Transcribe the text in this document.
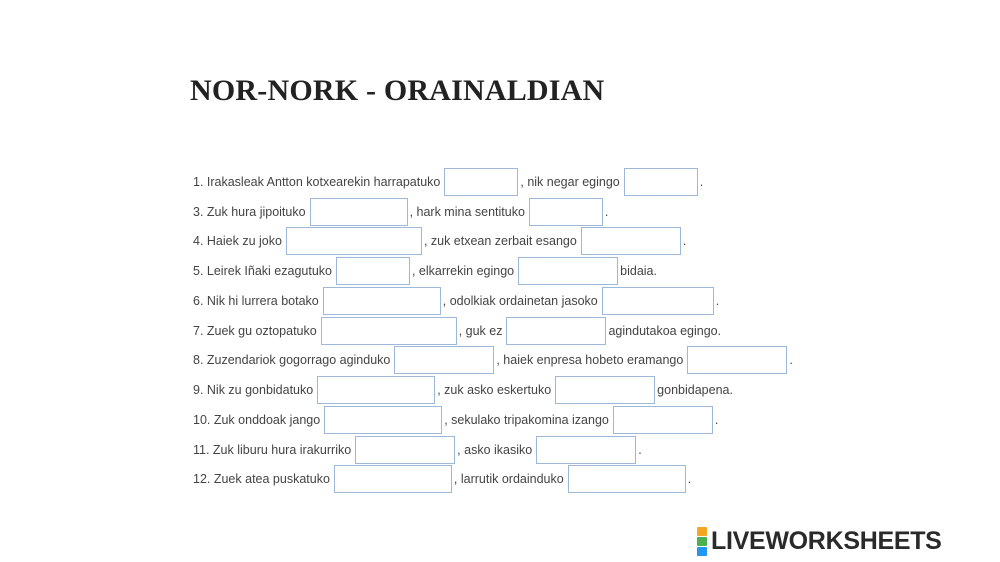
NOR-NORK - ORAINALDIAN
1. Irakasleak Antton kotxearekin harrapatuko	, nik negar egingo	.
3. Zuk hura jipoituko	, hark mina sentituko	.
4. Haiek zu joko	, zuk etxean zerbait esango	.
5. Leirek Iñaki ezagutuko	, elkarrekin egingo	bidaia.
6. Nik hi lurrera botako	, odolkiak ordainetan jasoko	.
7. Zuek gu oztopatuko	, guk ez	agindutakoa egingo.
8. Zuzendariok gogorrago aginduko	, haiek enpresa hobeto eramango	.
9. Nik zu gonbidatuko	, zuk asko eskertuko	gonbidapena.
10. Zuk onddoak jango	, sekulako tripakomina izango	.
11. Zuk liburu hura irakurriko	, asko ikasiko	.
12. Zuek atea puskatuko	, larrutik ordainduko	.
LIVEWORKSHEETS
